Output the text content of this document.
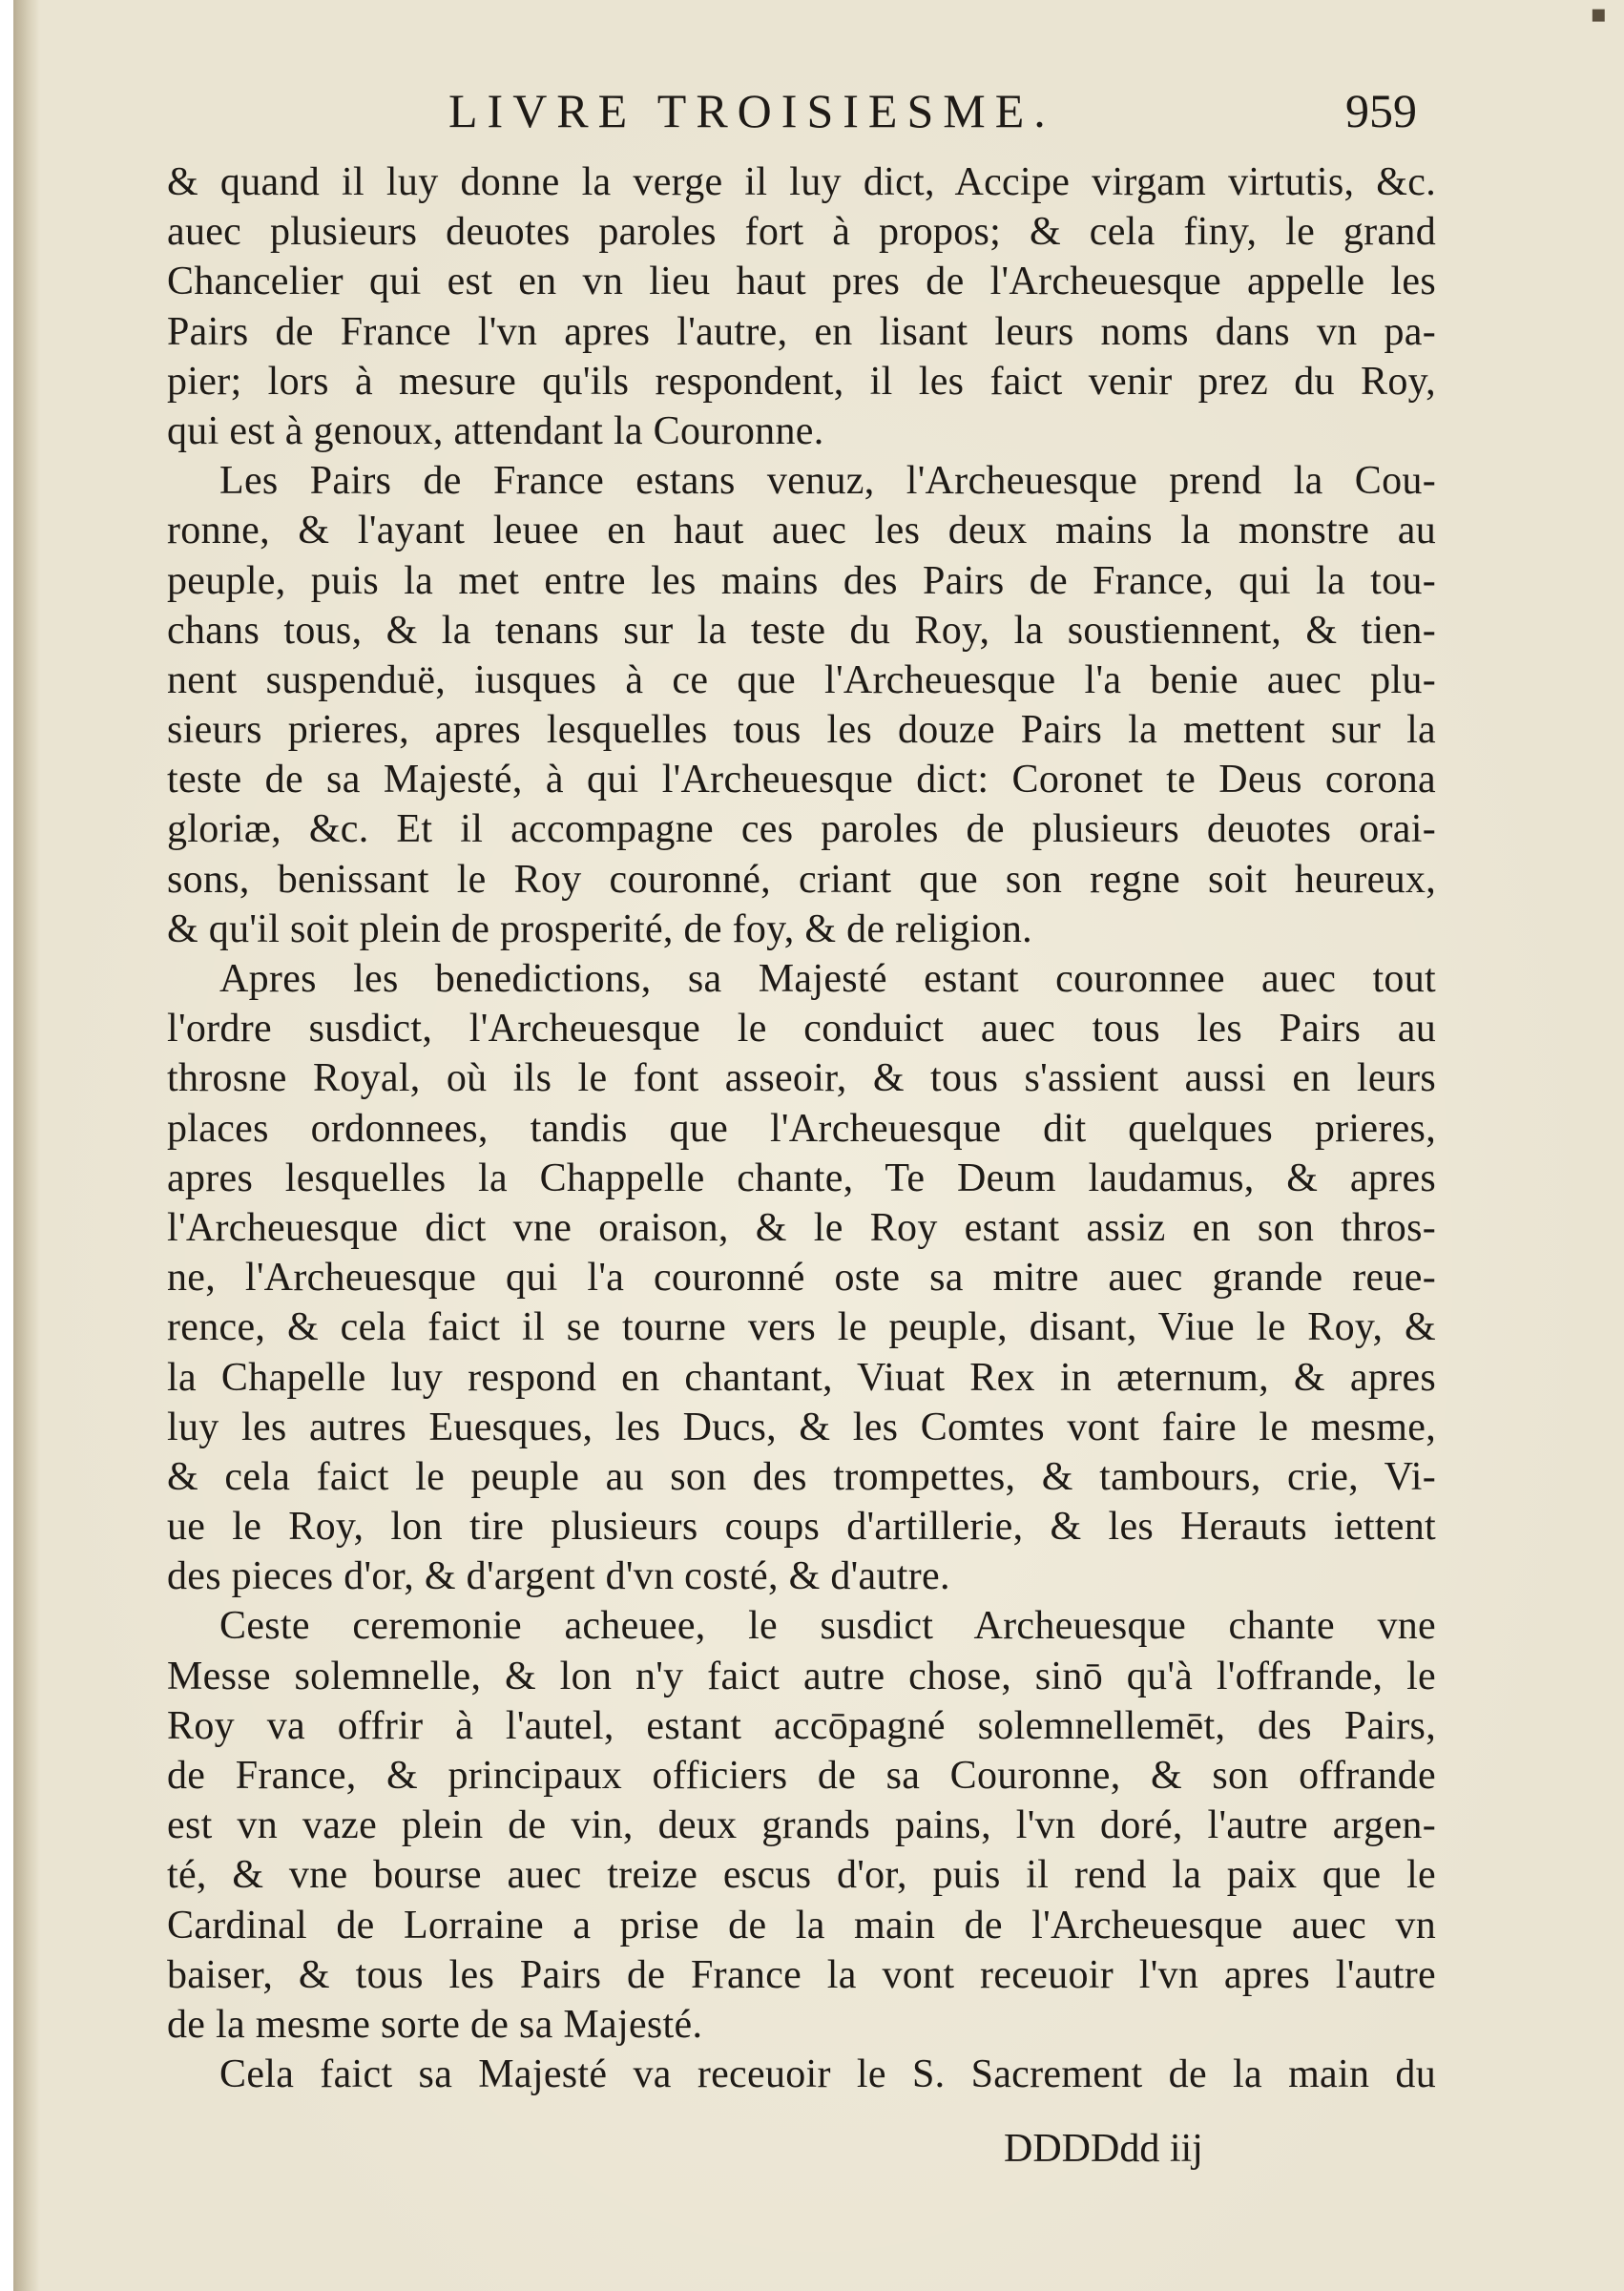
▪
LIVRE TROISIESME.	959
& quand il luy donne la verge il luy dict, Accipe virgam virtutis, &c.
auec plusieurs deuotes paroles fort à propos; & cela finy, le grand
Chancelier qui est en vn lieu haut pres de l'Archeuesque appelle les
Pairs de France l'vn apres l'autre, en lisant leurs noms dans vn pa-
pier; lors à mesure qu'ils respondent, il les faict venir prez du Roy,
qui est à genoux, attendant la Couronne.
Les Pairs de France estans venuz, l'Archeuesque prend la Cou-
ronne, & l'ayant leuee en haut auec les deux mains la monstre au
peuple, puis la met entre les mains des Pairs de France, qui la tou-
chans tous, & la tenans sur la teste du Roy, la soustiennent, & tien-
nent suspenduë, iusques à ce que l'Archeuesque l'a benie auec plu-
sieurs prieres, apres lesquelles tous les douze Pairs la mettent sur la
teste de sa Majesté, à qui l'Archeuesque dict: Coronet te Deus corona
gloriæ, &c. Et il accompagne ces paroles de plusieurs deuotes orai-
sons, benissant le Roy couronné, criant que son regne soit heureux,
& qu'il soit plein de prosperité, de foy, & de religion.
Apres les benedictions, sa Majesté estant couronnee auec tout
l'ordre susdict, l'Archeuesque le conduict auec tous les Pairs au
throsne Royal, où ils le font asseoir, & tous s'assient aussi en leurs
places ordonnees, tandis que l'Archeuesque dit quelques prieres,
apres lesquelles la Chappelle chante, Te Deum laudamus, & apres
l'Archeuesque dict vne oraison, & le Roy estant assiz en son thros-
ne, l'Archeuesque qui l'a couronné oste sa mitre auec grande reue-
rence, & cela faict il se tourne vers le peuple, disant, Viue le Roy, &
la Chapelle luy respond en chantant, Viuat Rex in æternum, & apres
luy les autres Euesques, les Ducs, & les Comtes vont faire le mesme,
& cela faict le peuple au son des trompettes, & tambours, crie, Vi-
ue le Roy, lon tire plusieurs coups d'artillerie, & les Herauts iettent
des pieces d'or, & d'argent d'vn costé, & d'autre.
Ceste ceremonie acheuee, le susdict Archeuesque chante vne
Messe solemnelle, & lon n'y faict autre chose, sinō qu'à l'offrande, le
Roy va offrir à l'autel, estant accōpagné solemnellemēt, des Pairs,
de France, & principaux officiers de sa Couronne, & son offrande
est vn vaze plein de vin, deux grands pains, l'vn doré, l'autre argen-
té, & vne bourse auec treize escus d'or, puis il rend la paix que le
Cardinal de Lorraine a prise de la main de l'Archeuesque auec vn
baiser, & tous les Pairs de France la vont receuoir l'vn apres l'autre
de la mesme sorte de sa Majesté.
Cela faict sa Majesté va receuoir le S. Sacrement de la main du
DDDDdd iij
